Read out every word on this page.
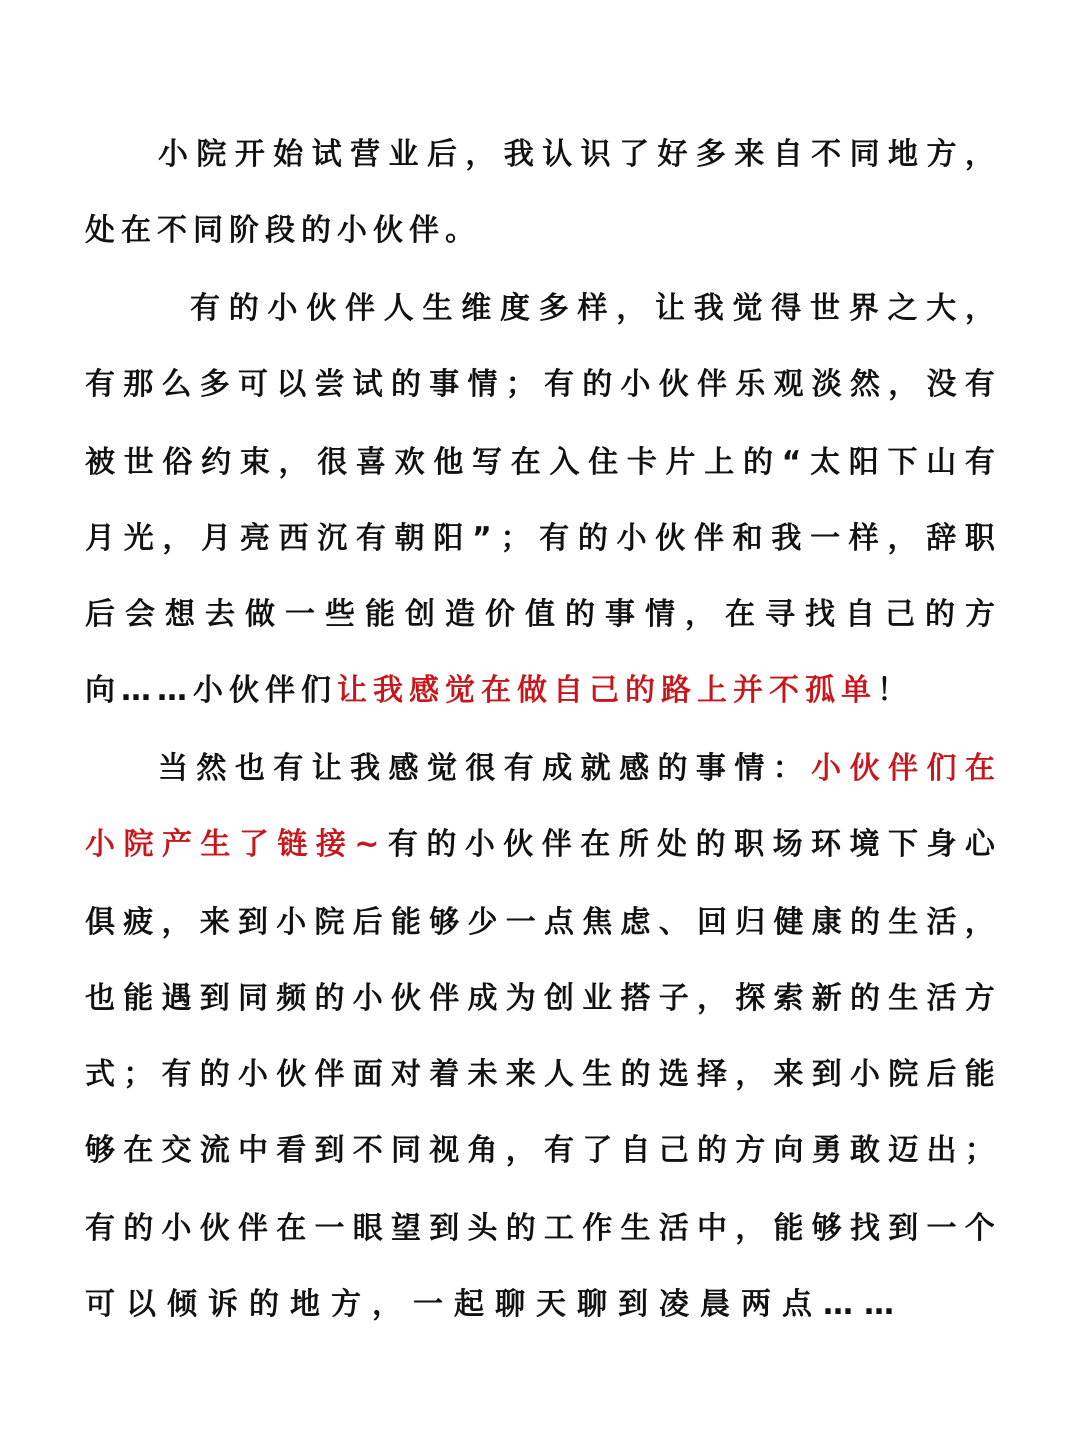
小 院 开 始 试 营 业 后 ， 我 认 识 了 好 多 来 自 不 同 地 方 ，
处在不同阶段的小伙伴。
有 的 小 伙 伴 人 生 维 度 多 样 ， 让 我 觉 得 世 界 之 大 ，
有 那 么 多 可 以 尝 试 的 事 情 ； 有 的 小 伙 伴 乐 观 淡 然 ， 没 有
被 世 俗 约 束 ， 很 喜 欢 他 写 在 入 住 卡 片 上 的 “ 太 阳 下 山 有
月 光 ， 月 亮 西 沉 有 朝 阳 ” ； 有 的 小 伙 伴 和 我 一 样 ， 辞 职
后 会 想 去 做 一 些 能 创 造 价 值 的 事 情 ， 在 寻 找 自 己 的 方
向……小伙伴们 让我感觉在做自己的路上并不孤单 ！
当 然 也 有 让 我 感 觉 很 有 成 就 感 的 事 情 ： 小 伙 伴 们 在
小 院 产 生 了 链 接 ~ 有 的 小 伙 伴 在 所 处 的 职 场 环 境 下 身 心
俱 疲 ， 来 到 小 院 后 能 够 少 一 点 焦 虑 、 回 归 健 康 的 生 活 ，
也 能 遇 到 同 频 的 小 伙 伴 成 为 创 业 搭 子 ， 探 索 新 的 生 活 方
式 ； 有 的 小 伙 伴 面 对 着 未 来 人 生 的 选 择 ， 来 到 小 院 后 能
够 在 交 流 中 看 到 不 同 视 角 ， 有 了 自 己 的 方 向 勇 敢 迈 出 ；
有 的 小 伙 伴 在 一 眼 望 到 头 的 工 作 生 活 中 ， 能 够 找 到 一 个
可以倾诉的地方，一起聊天聊到凌晨两点……
